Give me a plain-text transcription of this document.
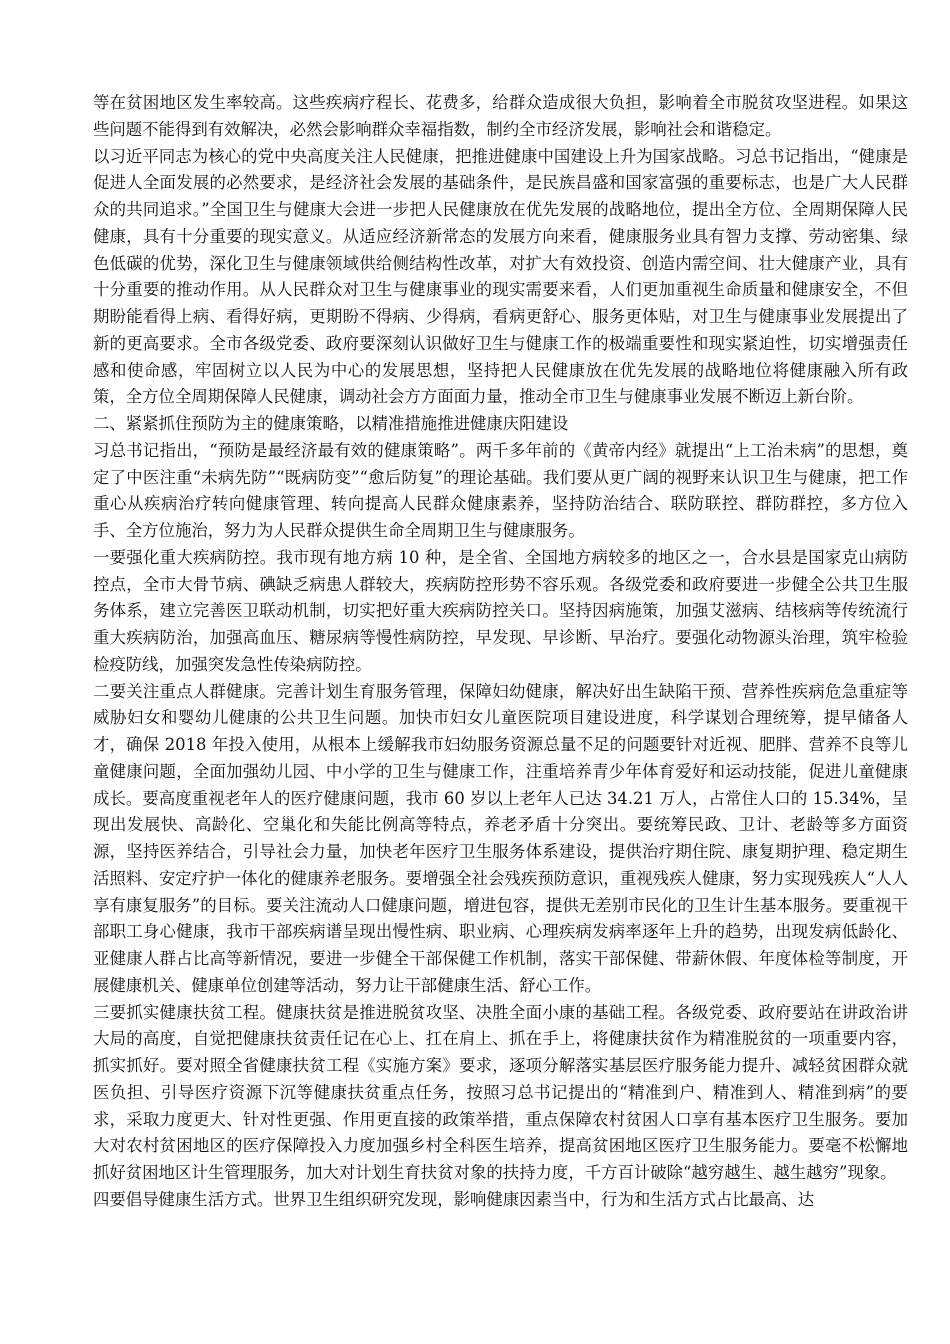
等在贫困地区发生率较高。这些疾病疗程长、花费多，给群众造成很大负担，影响着全市脱贫攻坚进程。如果这些问题不能得到有效解决，必然会影响群众幸福指数，制约全市经济发展，影响社会和谐稳定。

以习近平同志为核心的党中央高度关注人民健康，把推进健康中国建设上升为国家战略。习总书记指出，“健康是促进人全面发展的必然要求，是经济社会发展的基础条件，是民族昌盛和国家富强的重要标志，也是广大人民群众的共同追求。”全国卫生与健康大会进一步把人民健康放在优先发展的战略地位，提出全方位、全周期保障人民健康，具有十分重要的现实意义。从适应经济新常态的发展方向来看，健康服务业具有智力支撑、劳动密集、绿色低碳的优势，深化卫生与健康领域供给侧结构性改革，对扩大有效投资、创造内需空间、壮大健康产业，具有十分重要的推动作用。从人民群众对卫生与健康事业的现实需要来看，人们更加重视生命质量和健康安全，不但期盼能看得上病、看得好病，更期盼不得病、少得病，看病更舒心、服务更体贴，对卫生与健康事业发展提出了新的更高要求。全市各级党委、政府要深刻认识做好卫生与健康工作的极端重要性和现实紧迫性，切实增强责任感和使命感，牢固树立以人民为中心的发展思想，坚持把人民健康放在优先发展的战略地位将健康融入所有政策，全方位全周期保障人民健康，调动社会方方面面力量，推动全市卫生与健康事业发展不断迈上新台阶。

二、紧紧抓住预防为主的健康策略，以精准措施推进健康庆阳建设

习总书记指出，“预防是最经济最有效的健康策略”。两千多年前的《黄帝内经》就提出“上工治未病”的思想，奠定了中医注重“未病先防”“既病防变”“愈后防复”的理论基础。我们要从更广阔的视野来认识卫生与健康，把工作重心从疾病治疗转向健康管理、转向提高人民群众健康素养，坚持防治结合、联防联控、群防群控，多方位入手、全方位施治，努力为人民群众提供生命全周期卫生与健康服务。

一要强化重大疾病防控。我市现有地方病 10 种，是全省、全国地方病较多的地区之一，合水县是国家克山病防控点，全市大骨节病、碘缺乏病患人群较大，疾病防控形势不容乐观。各级党委和政府要进一步健全公共卫生服务体系，建立完善医卫联动机制，切实把好重大疾病防控关口。坚持因病施策，加强艾滋病、结核病等传统流行重大疾病防治，加强高血压、糖尿病等慢性病防控，早发现、早诊断、早治疗。要强化动物源头治理，筑牢检验检疫防线，加强突发急性传染病防控。

二要关注重点人群健康。完善计划生育服务管理，保障妇幼健康，解决好出生缺陷干预、营养性疾病危急重症等威胁妇女和婴幼儿健康的公共卫生问题。加快市妇女儿童医院项目建设进度，科学谋划合理统筹，提早储备人才，确保 2018 年投入使用，从根本上缓解我市妇幼服务资源总量不足的问题要针对近视、肥胖、营养不良等儿童健康问题，全面加强幼儿园、中小学的卫生与健康工作，注重培养青少年体育爱好和运动技能，促进儿童健康成长。要高度重视老年人的医疗健康问题，我市 60 岁以上老年人已达 34.21 万人，占常住人口的 15.34%，呈现出发展快、高龄化、空巢化和失能比例高等特点，养老矛盾十分突出。要统筹民政、卫计、老龄等多方面资源，坚持医养结合，引导社会力量，加快老年医疗卫生服务体系建设，提供治疗期住院、康复期护理、稳定期生活照料、安定疗护一体化的健康养老服务。要增强全社会残疾预防意识，重视残疾人健康，努力实现残疾人“人人享有康复服务”的目标。要关注流动人口健康问题，增进包容，提供无差别市民化的卫生计生基本服务。要重视干部职工身心健康，我市干部疾病谱呈现出慢性病、职业病、心理疾病发病率逐年上升的趋势，出现发病低龄化、亚健康人群占比高等新情况，要进一步健全干部保健工作机制，落实干部保健、带薪休假、年度体检等制度，开展健康机关、健康单位创建等活动，努力让干部健康生活、舒心工作。

三要抓实健康扶贫工程。健康扶贫是推进脱贫攻坚、决胜全面小康的基础工程。各级党委、政府要站在讲政治讲大局的高度，自觉把健康扶贫责任记在心上、扛在肩上、抓在手上，将健康扶贫作为精准脱贫的一项重要内容，抓实抓好。要对照全省健康扶贫工程《实施方案》要求，逐项分解落实基层医疗服务能力提升、减轻贫困群众就医负担、引导医疗资源下沉等健康扶贫重点任务，按照习总书记提出的“精准到户、精准到人、精准到病”的要求，采取力度更大、针对性更强、作用更直接的政策举措，重点保障农村贫困人口享有基本医疗卫生服务。要加大对农村贫困地区的医疗保障投入力度加强乡村全科医生培养，提高贫困地区医疗卫生服务能力。要毫不松懈地抓好贫困地区计生管理服务，加大对计划生育扶贫对象的扶持力度，千方百计破除“越穷越生、越生越穷”现象。

四要倡导健康生活方式。世界卫生组织研究发现，影响健康因素当中，行为和生活方式占比最高、达
